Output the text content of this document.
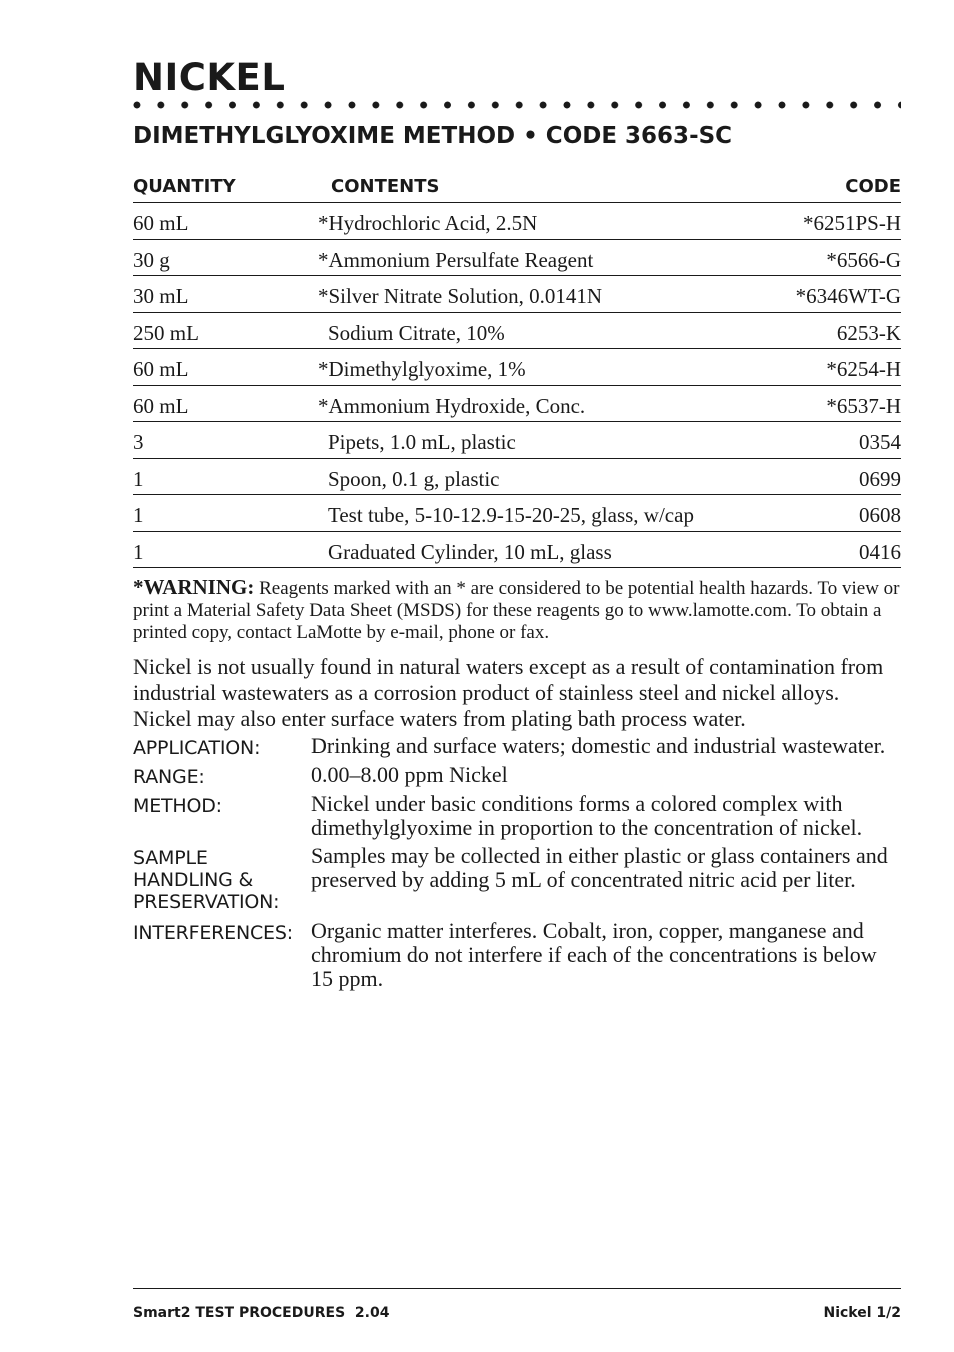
NICKEL
DIMETHYLGLYOXIME METHOD • CODE 3663-SC
QUANTITY	CONTENTS	CODE
60 mL	*Hydrochloric Acid, 2.5N	*6251PS-H
30 g	*Ammonium Persulfate Reagent	*6566-G
30 mL	*Silver Nitrate Solution, 0.0141N	*6346WT-G
250 mL	Sodium Citrate, 10%	6253-K
60 mL	*Dimethylglyoxime, 1%	*6254-H
60 mL	*Ammonium Hydroxide, Conc.	*6537-H
3	Pipets, 1.0 mL, plastic	0354
1	Spoon, 0.1 g, plastic	0699
1	Test tube, 5-10-12.9-15-20-25, glass, w/cap	0608
1	Graduated Cylinder, 10 mL, glass	0416
*WARNING: Reagents marked with an * are considered to be potential health hazards. To view or print a Material Safety Data Sheet (MSDS) for these reagents go to www.lamotte.com. To obtain a printed copy, contact LaMotte by e-mail, phone or fax.

Nickel is not usually found in natural waters except as a result of contamination from industrial wastewaters as a corrosion product of stainless steel and nickel alloys. Nickel may also enter surface waters from plating bath process water.

APPLICATION:	Drinking and surface waters; domestic and industrial wastewater.
RANGE:	0.00–8.00 ppm Nickel
METHOD:	Nickel under basic conditions forms a colored complex with dimethylglyoxime in proportion to the concentration of nickel.
SAMPLE HANDLING & PRESERVATION:
Samples may be collected in either plastic or glass containers and preserved by adding 5 mL of concentrated nitric acid per liter.
INTERFERENCES: Organic matter interferes. Cobalt, iron, copper, manganese and chromium do not interfere if each of the concentrations is below 15 ppm.
Smart2 TEST PROCEDURES  2.04	Nickel 1/2
